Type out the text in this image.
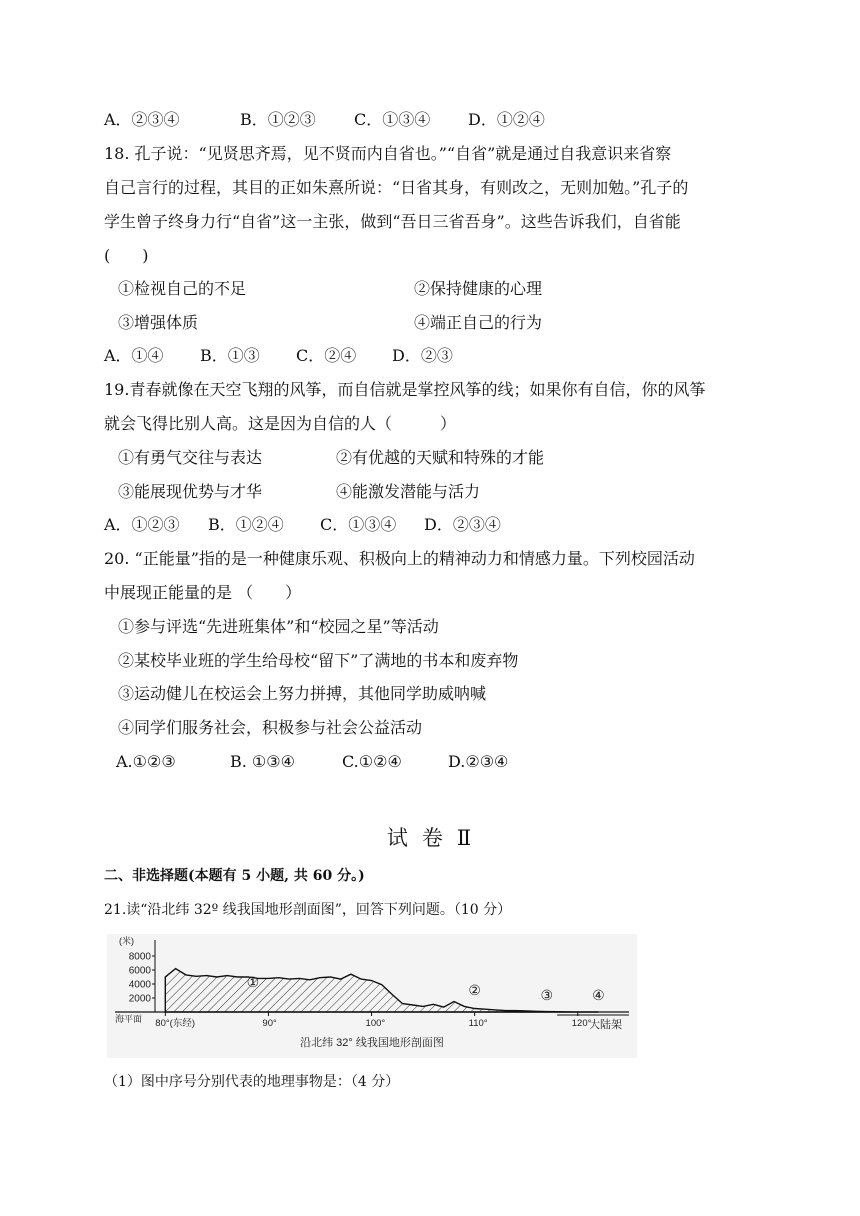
A．②③④	B．①②③ C．①③④ D．①②④
18. 孔子说：“见贤思齐焉，见不贤而内自省也。”“自省”就是通过自我意识来省察
自己言行的过程，其目的正如朱熹所说：“日省其身，有则改之，无则加勉。”孔子的
学生曾子终身力行“自省”这一主张，做到“吾日三省吾身”。这些告诉我们，自省能
(　　)
①检视自己的不足	②保持健康的心理
③增强体质	④端正自己的行为
A．①④ B．①③ C．②④ D．②③
19.青春就像在天空飞翔的风筝，而自信就是掌控风筝的线；如果你有自信，你的风筝
就会飞得比别人高。这是因为自信的人（　　　）
①有勇气交往与表达	②有优越的天赋和特殊的才能
③能展现优势与才华	④能激发潜能与活力
A．①②③ B．①②④ C．①③④ D．②③④
20. “正能量”指的是一种健康乐观、积极向上的精神动力和情感力量。下列校园活动
中展现正能量的是 （　　）
①参与评选“先进班集体”和“校园之星”等活动
②某校毕业班的学生给母校“留下”了满地的书本和废弃物
③运动健儿在校运会上努力拼搏，其他同学助威呐喊
④同学们服务社会，积极参与社会公益活动
A.①②③	B. ①③④	C.①②④	D.②③④
试 卷 Ⅱ
二、非选择题(本题有 5 小题, 共 60 分。)
21.读“沿北纬 32º 线我国地形剖面图”，回答下列问题。（10 分）
(米)
8000
6000
4000
2000
海平面 80°(东经)	90°	100°	110°	120°
大陆架
①	②	③	④
沿北纬 32° 线我国地形剖面图
（1）图中序号分别代表的地理事物是：（4 分）
